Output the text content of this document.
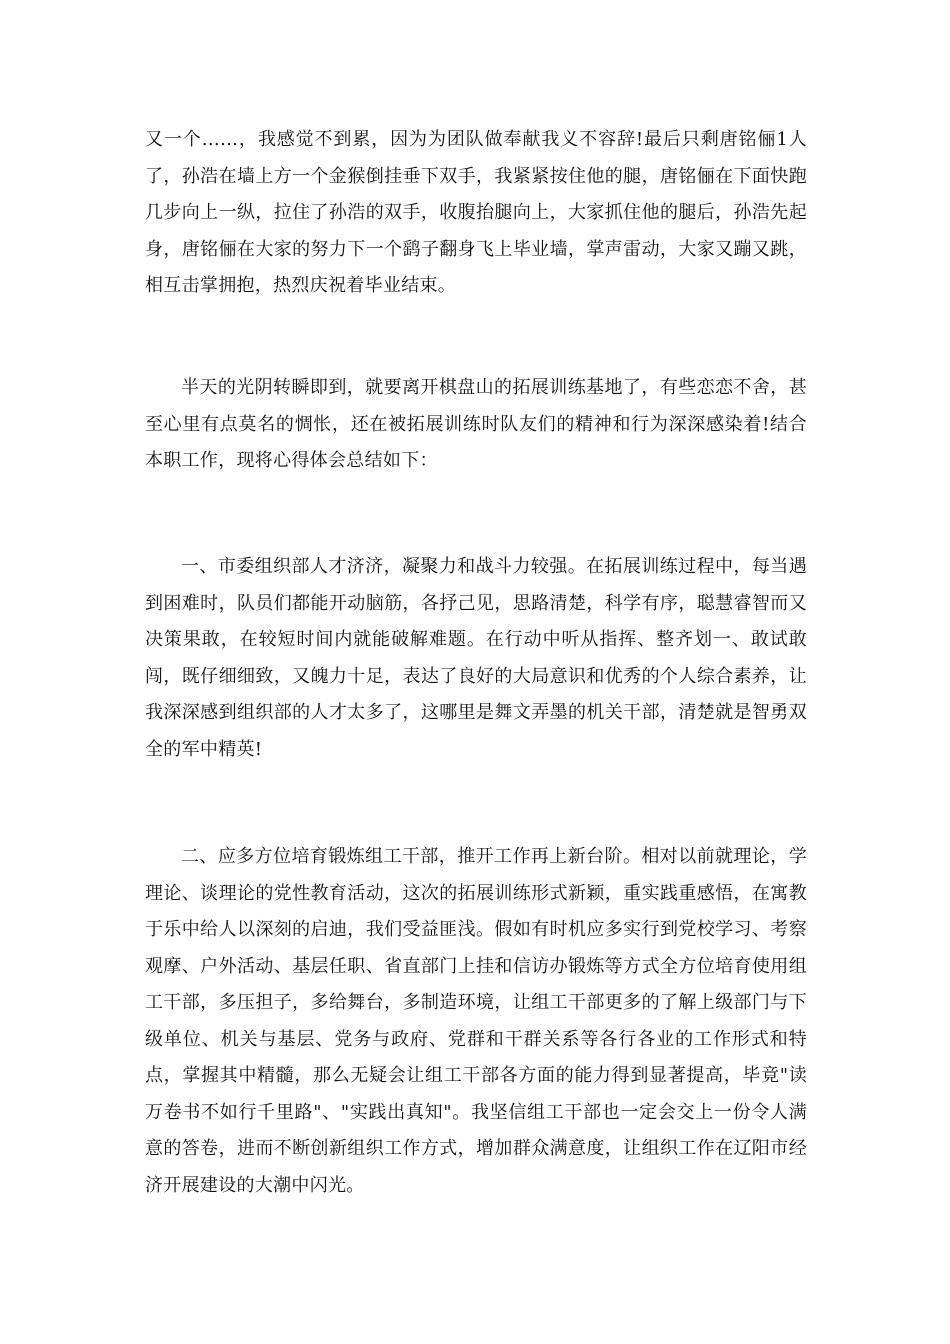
又一个……，我感觉不到累，因为为团队做奉献我义不容辞!最后只剩唐铭俪1人了，孙浩在墙上方一个金猴倒挂垂下双手，我紧紧按住他的腿，唐铭俪在下面快跑几步向上一纵，拉住了孙浩的双手，收腹抬腿向上，大家抓住他的腿后，孙浩先起身，唐铭俪在大家的努力下一个鹞子翻身飞上毕业墙，掌声雷动，大家又蹦又跳，相互击掌拥抱，热烈庆祝着毕业结束。

半天的光阴转瞬即到，就要离开棋盘山的拓展训练基地了，有些恋恋不舍，甚至心里有点莫名的惆怅，还在被拓展训练时队友们的精神和行为深深感染着!结合本职工作，现将心得体会总结如下：

一、市委组织部人才济济，凝聚力和战斗力较强。在拓展训练过程中，每当遇到困难时，队员们都能开动脑筋，各抒己见，思路清楚，科学有序，聪慧睿智而又决策果敢，在较短时间内就能破解难题。在行动中听从指挥、整齐划一、敢试敢闯，既仔细细致，又魄力十足，表达了良好的大局意识和优秀的个人综合素养，让我深深感到组织部的人才太多了，这哪里是舞文弄墨的机关干部，清楚就是智勇双全的军中精英!

二、应多方位培育锻炼组工干部，推开工作再上新台阶。相对以前就理论，学理论、谈理论的党性教育活动，这次的拓展训练形式新颖，重实践重感悟，在寓教于乐中给人以深刻的启迪，我们受益匪浅。假如有时机应多实行到党校学习、考察观摩、户外活动、基层任职、省直部门上挂和信访办锻炼等方式全方位培育使用组工干部，多压担子，多给舞台，多制造环境，让组工干部更多的了解上级部门与下级单位、机关与基层、党务与政府、党群和干群关系等各行各业的工作形式和特点，掌握其中精髓，那么无疑会让组工干部各方面的能力得到显著提高，毕竟"读万卷书不如行千里路"、"实践出真知"。我坚信组工干部也一定会交上一份令人满意的答卷，进而不断创新组织工作方式，增加群众满意度，让组织工作在辽阳市经济开展建设的大潮中闪光。
